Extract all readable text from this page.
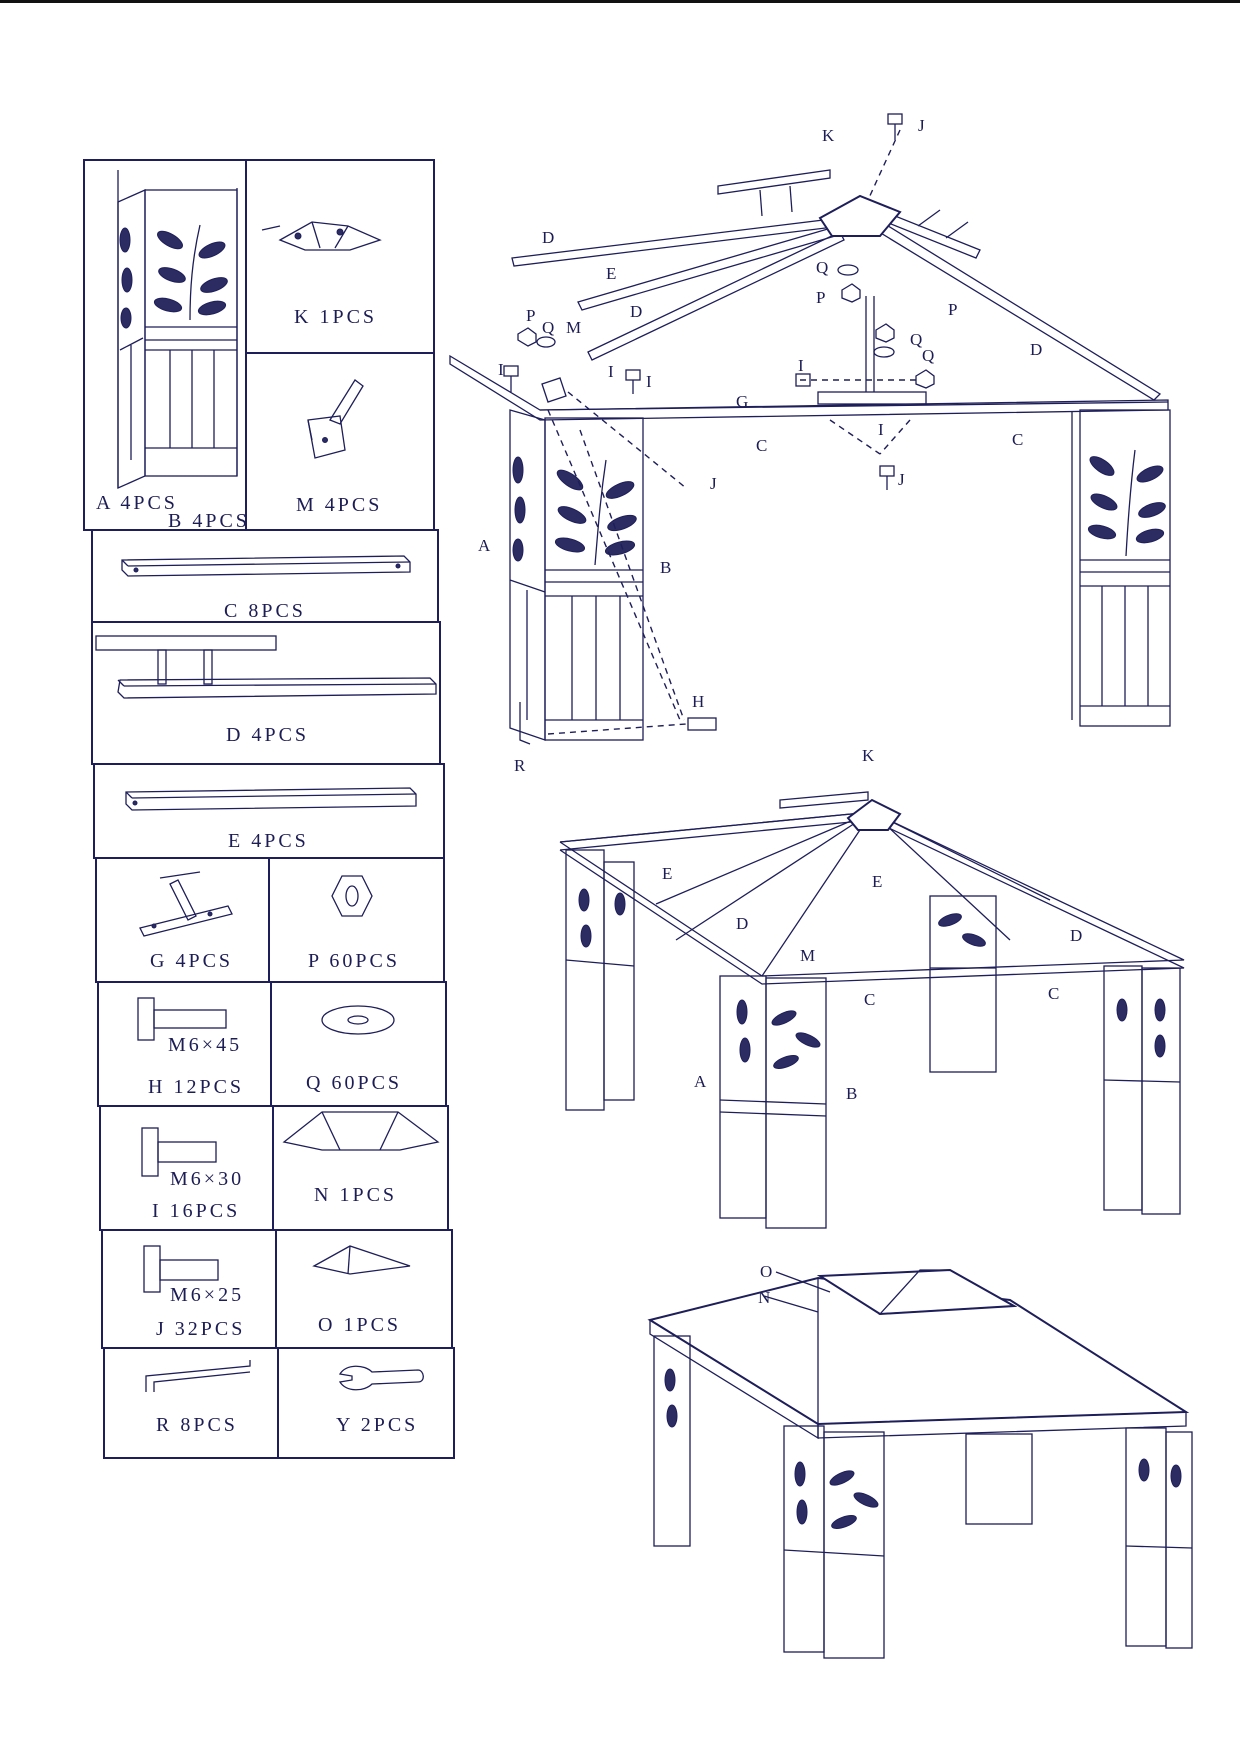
A 4PCS
B 4PCS
K 1PCS
M 4PCS
C 8PCS
D 4PCS
E 4PCS
G 4PCS	P 60PCS
M6×45
H 12PCS	Q 60PCS
M6×30
I 16PCS
N 1PCS
M6×25
J 32PCS	O 1PCS
R 8PCS	Y 2PCS
K
J
D
E
D
D
Q
P
P
Q
Q
P
Q M
I	I
I
I
I
G
C	C
J	J
A
B
H
R
K
E	E
D
D
M
C	C
A
B
O
N
